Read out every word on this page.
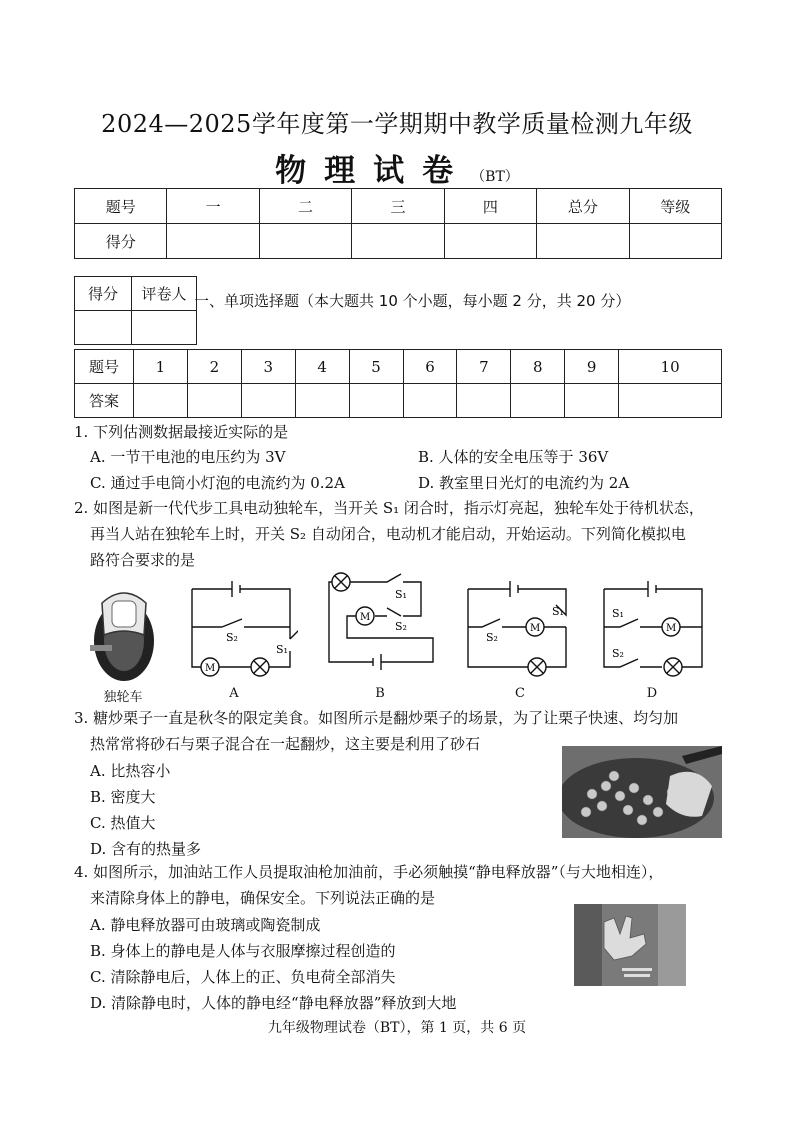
2024—2025学年度第一学期期中教学质量检测九年级
物理试卷（BT）
题号	一	二	三	四	总分	等级
得分						
得分	评卷人
	一、单项选择题（本大题共 10 个小题，每小题 2 分，共 20 分）
题号	1	2	3	4	5	6	7	8	9	10
答案										
1. 下列估测数据最接近实际的是
A. 一节干电池的电压约为 3V	B. 人体的安全电压等于 36V
C. 通过手电筒小灯泡的电流约为 0.2A	D. 教室里日光灯的电流约为 2A
2. 如图是新一代代步工具电动独轮车，当开关 S₁ 闭合时，指示灯亮起，独轮车处于待机状态，
再当人站在独轮车上时，开关 S₂ 自动闭合，电动机才能启动，开始运动。下列简化模拟电
路符合要求的是
独轮车
M
S₂
S₁
A
M
S₁
S₂
B
M
S₂
S₁
C
M
S₁
S₂
D
3. 糖炒栗子一直是秋冬的限定美食。如图所示是翻炒栗子的场景，为了让栗子快速、均匀加
热常常将砂石与栗子混合在一起翻炒，这主要是利用了砂石
A. 比热容小
B. 密度大
C. 热值大
D. 含有的热量多
4. 如图所示，加油站工作人员提取油枪加油前，手必须触摸“静电释放器”（与大地相连），
来清除身体上的静电，确保安全。下列说法正确的是
A. 静电释放器可由玻璃或陶瓷制成
B. 身体上的静电是人体与衣服摩擦过程创造的
C. 清除静电后，人体上的正、负电荷全部消失
D. 清除静电时，人体的静电经“静电释放器”释放到大地
九年级物理试卷（BT），第 1 页，共 6 页
